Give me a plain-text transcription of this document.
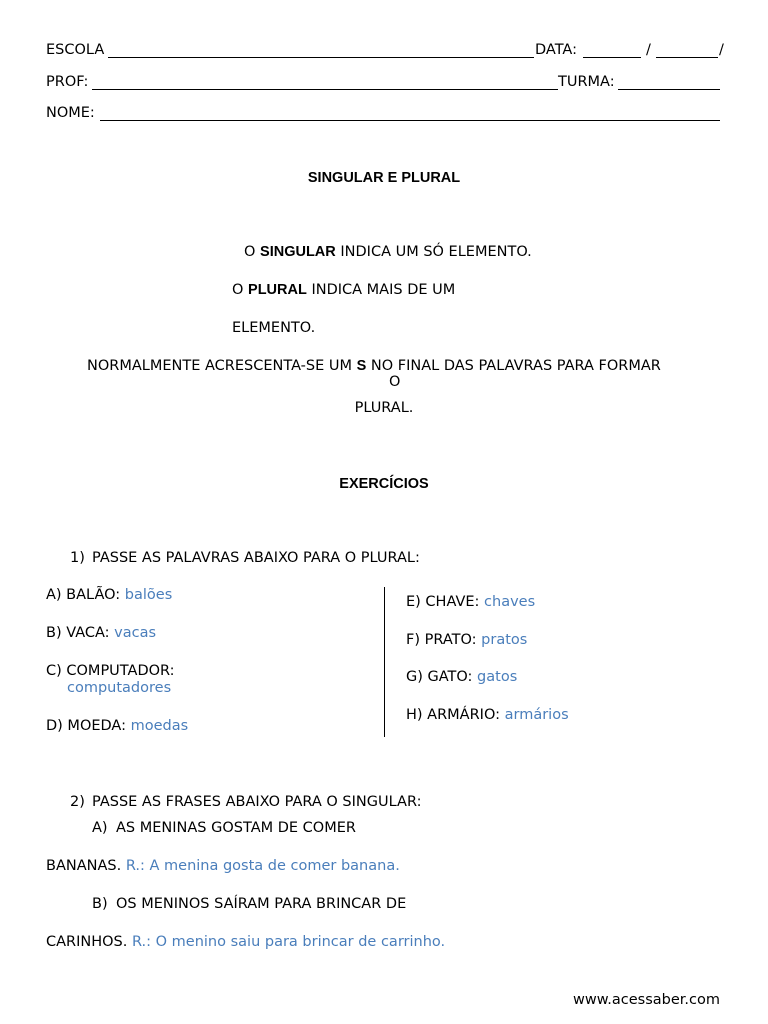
ESCOLA	DATA:	/	/
PROF:	TURMA:
NOME:
SINGULAR E PLURAL
O SINGULAR INDICA UM SÓ ELEMENTO.
O PLURAL INDICA MAIS DE UM
ELEMENTO.
NORMALMENTE ACRESCENTA-SE UM S NO FINAL DAS PALAVRAS PARA FORMAR
O
PLURAL.
EXERCÍCIOS
1) PASSE AS PALAVRAS ABAIXO PARA O PLURAL:
A) BALÃO: balões
B) VACA: vacas
C) COMPUTADOR:
computadores
D) MOEDA: moedas
E) CHAVE: chaves
F) PRATO: pratos
G) GATO: gatos
H) ARMÁRIO: armários
2) PASSE AS FRASES ABAIXO PARA O SINGULAR:
A) AS MENINAS GOSTAM DE COMER
BANANAS. R.: A menina gosta de comer banana.
B) OS MENINOS SAÍRAM PARA BRINCAR DE
CARINHOS. R.: O menino saiu para brincar de carrinho.
www.acessaber.com
